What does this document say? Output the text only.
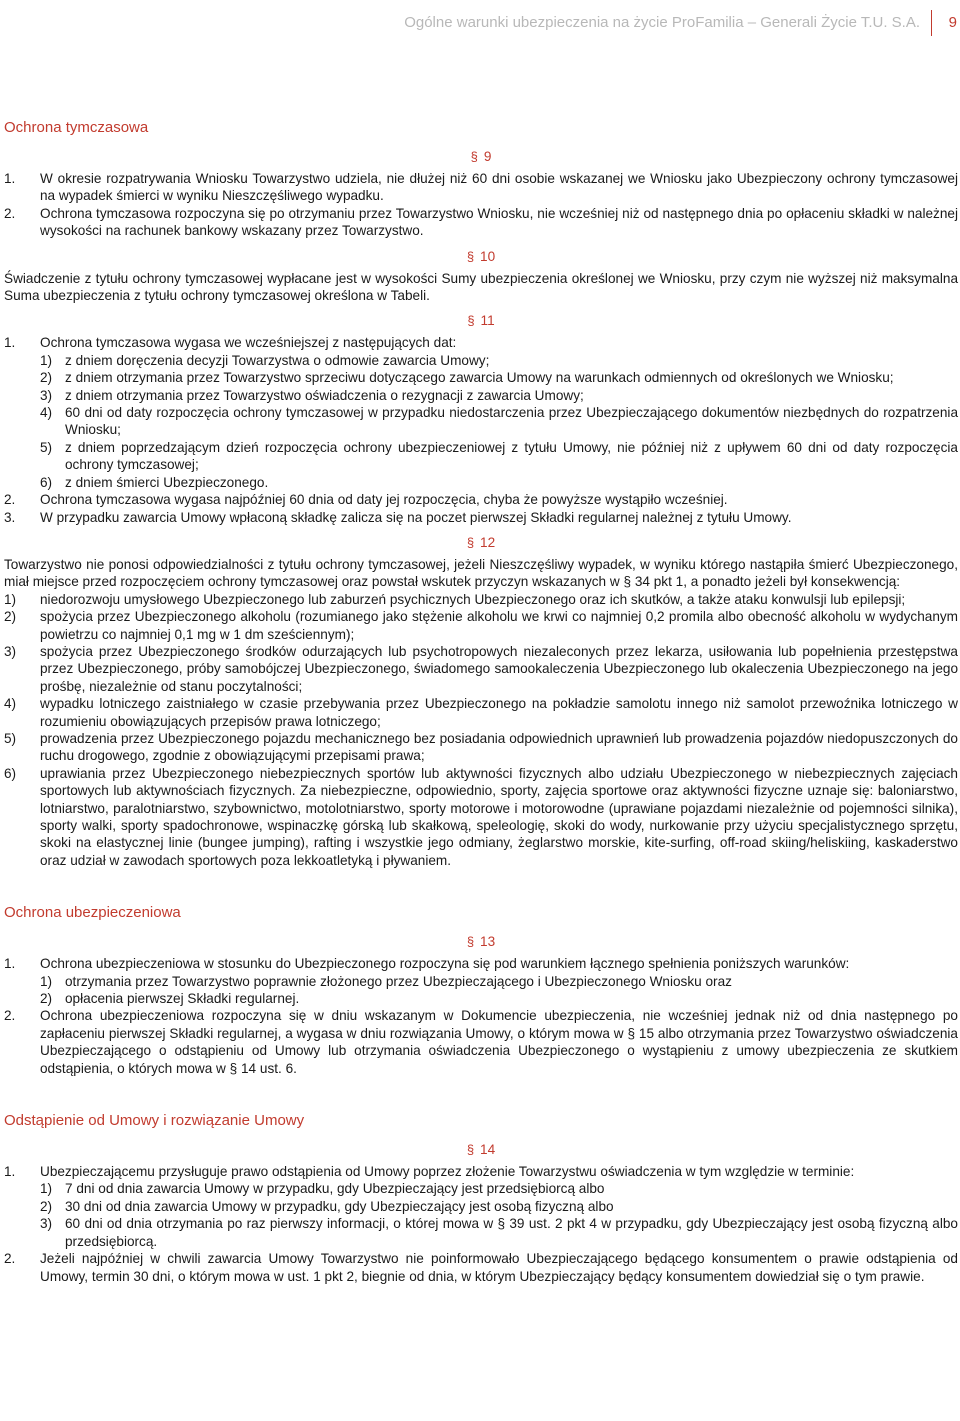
Ogólne warunki ubezpieczenia na życie ProFamilia – Generali Życie T.U. S.A. 9
Ochrona tymczasowa
§ 9
1. W okresie rozpatrywania Wniosku Towarzystwo udziela, nie dłużej niż 60 dni osobie wskazanej we Wniosku jako Ubezpieczony ochrony tymczasowej na wypadek śmierci w wyniku Nieszczęśliwego wypadku.
2. Ochrona tymczasowa rozpoczyna się po otrzymaniu przez Towarzystwo Wniosku, nie wcześniej niż od następnego dnia po opłaceniu składki w należnej wysokości na rachunek bankowy wskazany przez Towarzystwo.
§ 10

Świadczenie z tytułu ochrony tymczasowej wypłacane jest w wysokości Sumy ubezpieczenia określonej we Wniosku, przy czym nie wyższej niż maksymalna Suma ubezpieczenia z tytułu ochrony tymczasowej określona w Tabeli.

§ 11
1. Ochrona tymczasowa wygasa we wcześniejszej z następujących dat:
1) z dniem doręczenia decyzji Towarzystwa o odmowie zawarcia Umowy;
2) z dniem otrzymania przez Towarzystwo sprzeciwu dotyczącego zawarcia Umowy na warunkach odmiennych od określonych we Wniosku;
3) z dniem otrzymania przez Towarzystwo oświadczenia o rezygnacji z zawarcia Umowy;
4) 60 dni od daty rozpoczęcia ochrony tymczasowej w przypadku niedostarczenia przez Ubezpieczającego dokumentów niezbędnych do rozpatrzenia Wniosku;
5) z dniem poprzedzającym dzień rozpoczęcia ochrony ubezpieczeniowej z tytułu Umowy, nie później niż z upływem 60 dni od daty rozpoczęcia ochrony tymczasowej;
6) z dniem śmierci Ubezpieczonego.
2. Ochrona tymczasowa wygasa najpóźniej 60 dnia od daty jej rozpoczęcia, chyba że powyższe wystąpiło wcześniej.
3. W przypadku zawarcia Umowy wpłaconą składkę zalicza się na poczet pierwszej Składki regularnej należnej z tytułu Umowy.
§ 12

Towarzystwo nie ponosi odpowiedzialności z tytułu ochrony tymczasowej, jeżeli Nieszczęśliwy wypadek, w wyniku którego nastąpiła śmierć Ubezpieczonego, miał miejsce przed rozpoczęciem ochrony tymczasowej oraz powstał wskutek przyczyn wskazanych w § 34 pkt 1, a ponadto jeżeli był konsekwencją:

1) niedorozwoju umysłowego Ubezpieczonego lub zaburzeń psychicznych Ubezpieczonego oraz ich skutków, a także ataku konwulsji lub epilepsji;
2) spożycia przez Ubezpieczonego alkoholu (rozumianego jako stężenie alkoholu we krwi co najmniej 0,2 promila albo obecność alkoholu w wydychanym powietrzu co najmniej 0,1 mg w 1 dm sześciennym);
3) spożycia przez Ubezpieczonego środków odurzających lub psychotropowych niezaleconych przez lekarza, usiłowania lub popełnienia przestępstwa przez Ubezpieczonego, próby samobójczej Ubezpieczonego, świadomego samookaleczenia Ubezpieczonego lub okaleczenia Ubezpieczonego na jego prośbę, niezależnie od stanu poczytalności;
4) wypadku lotniczego zaistniałego w czasie przebywania przez Ubezpieczonego na pokładzie samolotu innego niż samolot przewoźnika lotniczego w rozumieniu obowiązujących przepisów prawa lotniczego;
5) prowadzenia przez Ubezpieczonego pojazdu mechanicznego bez posiadania odpowiednich uprawnień lub prowadzenia pojazdów niedopuszczonych do ruchu drogowego, zgodnie z obowiązującymi przepisami prawa;
6) uprawiania przez Ubezpieczonego niebezpiecznych sportów lub aktywności fizycznych albo udziału Ubezpieczonego w niebezpiecznych zajęciach sportowych lub aktywnościach fizycznych. Za niebezpieczne, odpowiednio, sporty, zajęcia sportowe oraz aktywności fizyczne uznaje się: baloniarstwo, lotniarstwo, paralotniarstwo, szybownictwo, motolotniarstwo, sporty motorowe i motorowodne (uprawiane pojazdami niezależnie od pojemności silnika), sporty walki, sporty spadochronowe, wspinaczkę górską lub skałkową, speleologię, skoki do wody, nurkowanie przy użyciu specjalistycznego sprzętu, skoki na elastycznej linie (bungee jumping), rafting i wszystkie jego odmiany, żeglarstwo morskie, kite-surfing, off-road skiing/heliskiing, kaskaderstwo oraz udział w zawodach sportowych poza lekkoatletyką i pływaniem.
Ochrona ubezpieczeniowa
§ 13
1. Ochrona ubezpieczeniowa w stosunku do Ubezpieczonego rozpoczyna się pod warunkiem łącznego spełnienia poniższych warunków:
1) otrzymania przez Towarzystwo poprawnie złożonego przez Ubezpieczającego i Ubezpieczonego Wniosku oraz
2) opłacenia pierwszej Składki regularnej.
2. Ochrona ubezpieczeniowa rozpoczyna się w dniu wskazanym w Dokumencie ubezpieczenia, nie wcześniej jednak niż od dnia następnego po zapłaceniu pierwszej Składki regularnej, a wygasa w dniu rozwiązania Umowy, o którym mowa w § 15 albo otrzymania przez Towarzystwo oświadczenia Ubezpieczającego o odstąpieniu od Umowy lub otrzymania oświadczenia Ubezpieczonego o wystąpieniu z umowy ubezpieczenia ze skutkiem odstąpienia, o których mowa w § 14 ust. 6.
Odstąpienie od Umowy i rozwiązanie Umowy
§ 14
1. Ubezpieczającemu przysługuje prawo odstąpienia od Umowy poprzez złożenie Towarzystwu oświadczenia w tym względzie w terminie:
1) 7 dni od dnia zawarcia Umowy w przypadku, gdy Ubezpieczający jest przedsiębiorcą albo
2) 30 dni od dnia zawarcia Umowy w przypadku, gdy Ubezpieczający jest osobą fizyczną albo
3) 60 dni od dnia otrzymania po raz pierwszy informacji, o której mowa w § 39 ust. 2 pkt 4 w przypadku, gdy Ubezpieczający jest osobą fizyczną albo przedsiębiorcą.
2. Jeżeli najpóźniej w chwili zawarcia Umowy Towarzystwo nie poinformowało Ubezpieczającego będącego konsumentem o prawie odstąpienia od Umowy, termin 30 dni, o którym mowa w ust. 1 pkt 2, biegnie od dnia, w którym Ubezpieczający będący konsumentem dowiedział się o tym prawie.
